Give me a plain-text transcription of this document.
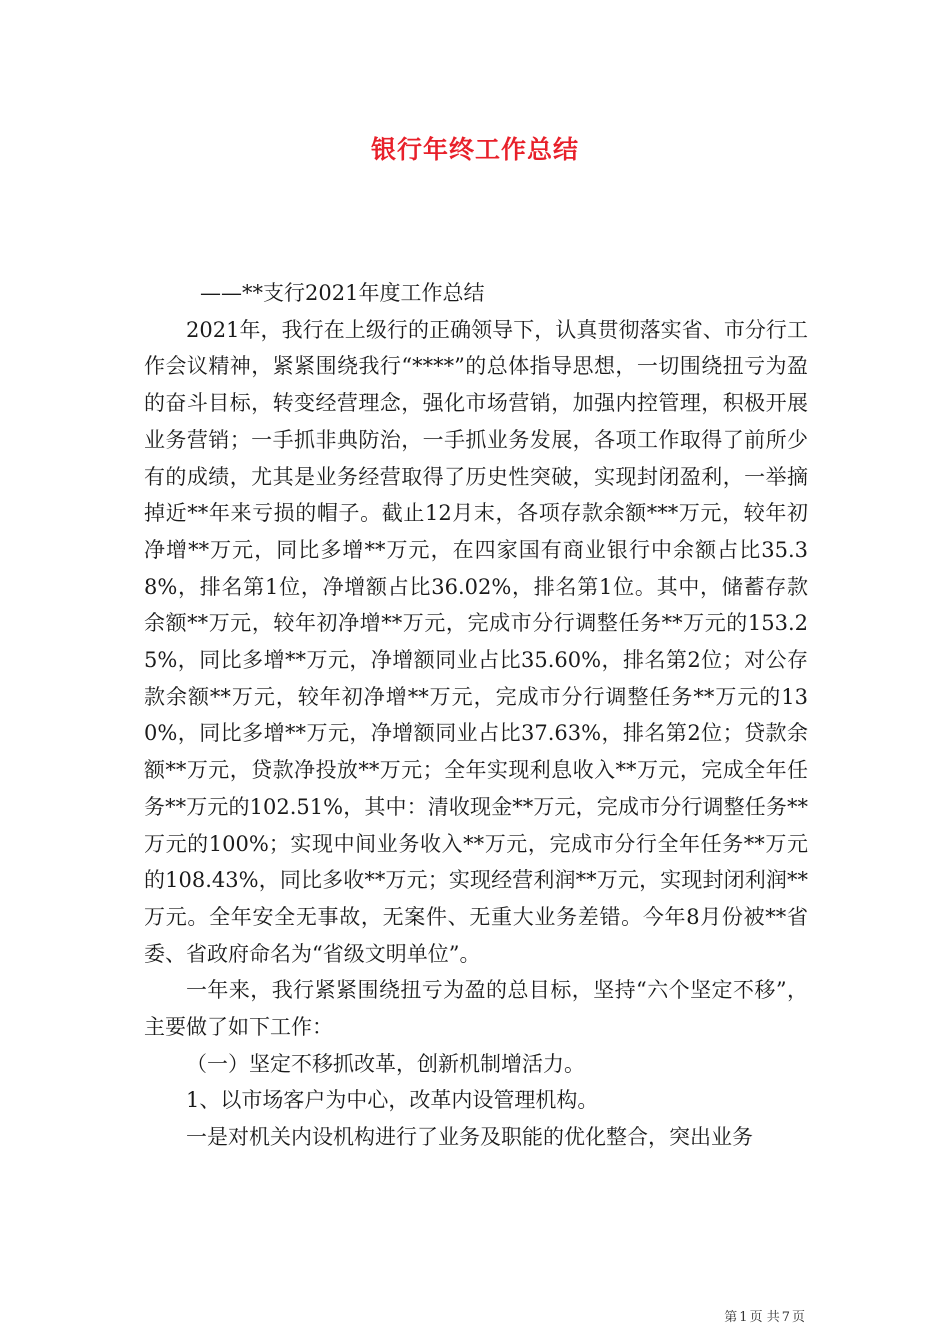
银行年终工作总结

——**支行2021年度工作总结

2021年，我行在上级行的正确领导下，认真贯彻落实省、市分行工作会议精神，紧紧围绕我行“****”的总体指导思想，一切围绕扭亏为盈的奋斗目标，转变经营理念，强化市场营销，加强内控管理，积极开展业务营销；一手抓非典防治，一手抓业务发展，各项工作取得了前所少有的成绩，尤其是业务经营取得了历史性突破，实现封闭盈利，一举摘掉近**年来亏损的帽子。截止12月末，各项存款余额***万元，较年初净增**万元，同比多增**万元，在四家国有商业银行中余额占比35.38%，排名第1位，净增额占比36.02%，排名第1位。其中，储蓄存款余额**万元，较年初净增**万元，完成市分行调整任务**万元的153.25%，同比多增**万元，净增额同业占比35.60%，排名第2位；对公存款余额**万元，较年初净增**万元，完成市分行调整任务**万元的130%，同比多增**万元，净增额同业占比37.63%，排名第2位；贷款余额**万元，贷款净投放**万元；全年实现利息收入**万元，完成全年任务**万元的102.51%，其中：清收现金**万元，完成市分行调整任务**万元的100%；实现中间业务收入**万元，完成市分行全年任务**万元的108.43%，同比多收**万元；实现经营利润**万元，实现封闭利润**万元。全年安全无事故，无案件、无重大业务差错。今年8月份被**省委、省政府命名为“省级文明单位”。

一年来，我行紧紧围绕扭亏为盈的总目标，坚持“六个坚定不移”，主要做了如下工作：

（一）坚定不移抓改革，创新机制增活力。

1、以市场客户为中心，改革内设管理机构。

一是对机关内设机构进行了业务及职能的优化整合，突出业务

第 1 页 共 7 页
